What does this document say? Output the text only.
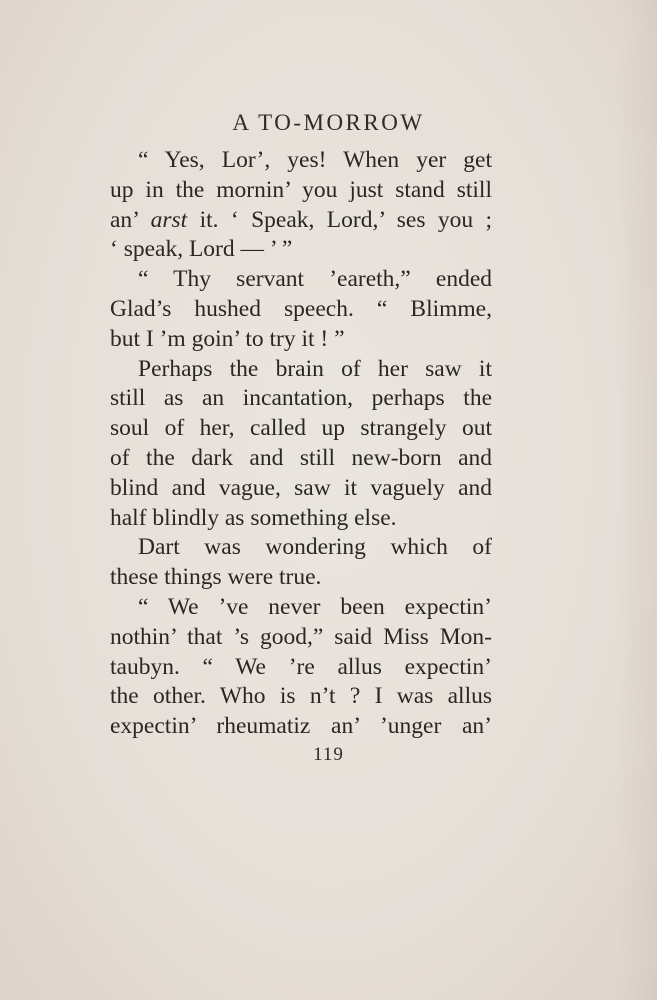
A TO-MORROW
“ Yes, Lor’, yes! When yer get
up in the mornin’ you just stand still
an’ arst it. ‘ Speak, Lord,’ ses you ;
‘ speak, Lord — ’ ”
“ Thy servant ’eareth,” ended
Glad’s hushed speech. “ Blimme,
but I ’m goin’ to try it ! ”
Perhaps the brain of her saw it
still as an incantation, perhaps the
soul of her, called up strangely out
of the dark and still new-born and
blind and vague, saw it vaguely and
half blindly as something else.
Dart was wondering which of
these things were true.
“ We ’ve never been expectin’
nothin’ that ’s good,” said Miss Mon-
taubyn. “ We ’re allus expectin’
the other. Who is n’t ? I was allus
expectin’ rheumatiz an’ ’unger an’
119
